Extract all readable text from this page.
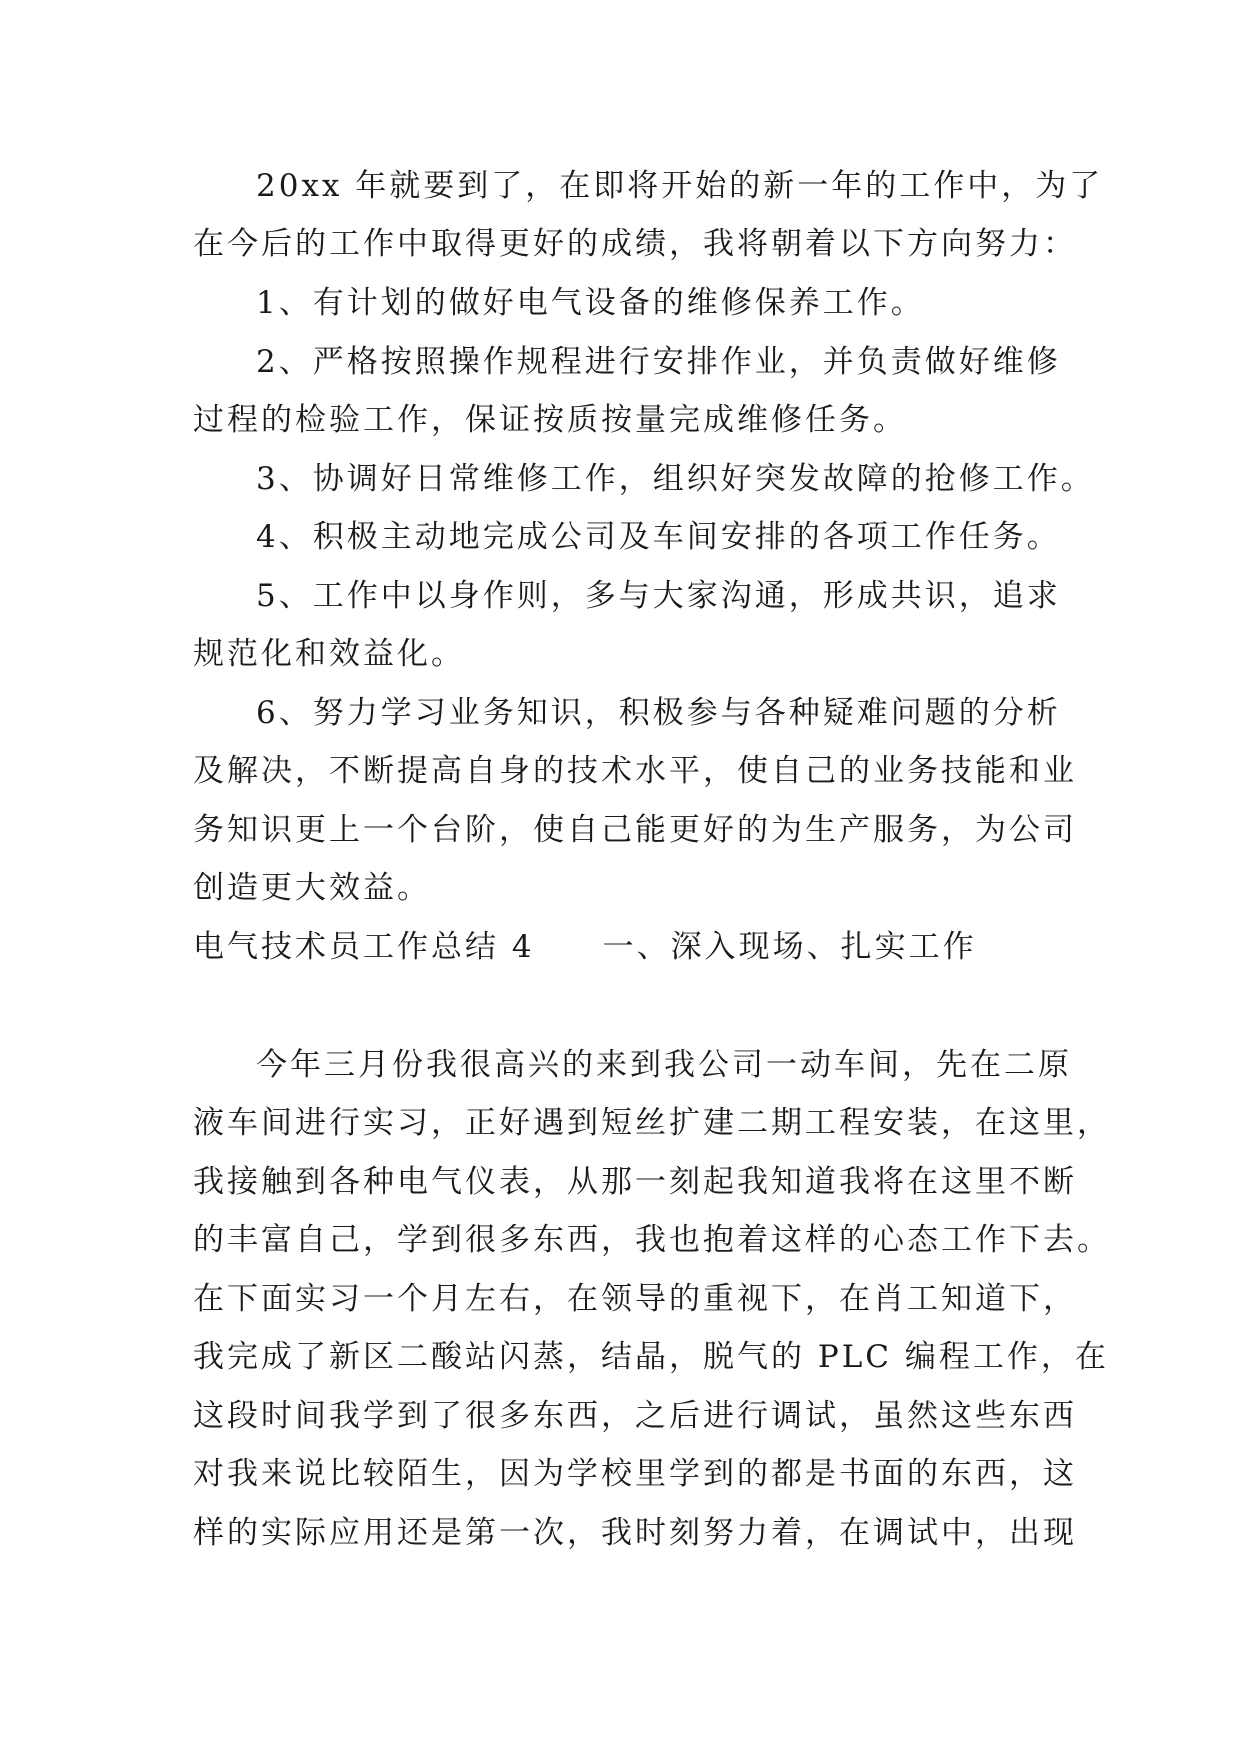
20xx 年就要到了，在即将开始的新一年的工作中，为了
在今后的工作中取得更好的成绩，我将朝着以下方向努力：
1、有计划的做好电气设备的维修保养工作。
2、严格按照操作规程进行安排作业，并负责做好维修
过程的检验工作，保证按质按量完成维修任务。
3、协调好日常维修工作，组织好突发故障的抢修工作。
4、积极主动地完成公司及车间安排的各项工作任务。
5、工作中以身作则，多与大家沟通，形成共识，追求
规范化和效益化。
6、努力学习业务知识，积极参与各种疑难问题的分析
及解决，不断提高自身的技术水平，使自己的业务技能和业
务知识更上一个台阶，使自己能更好的为生产服务，为公司
创造更大效益。
电气技术员工作总结 4　　一、深入现场、扎实工作
今年三月份我很高兴的来到我公司一动车间，先在二原
液车间进行实习，正好遇到短丝扩建二期工程安装，在这里，
我接触到各种电气仪表，从那一刻起我知道我将在这里不断
的丰富自己，学到很多东西，我也抱着这样的心态工作下去。
在下面实习一个月左右，在领导的重视下，在肖工知道下，
我完成了新区二酸站闪蒸，结晶，脱气的 PLC 编程工作，在
这段时间我学到了很多东西，之后进行调试，虽然这些东西
对我来说比较陌生，因为学校里学到的都是书面的东西，这
样的实际应用还是第一次，我时刻努力着，在调试中，出现
